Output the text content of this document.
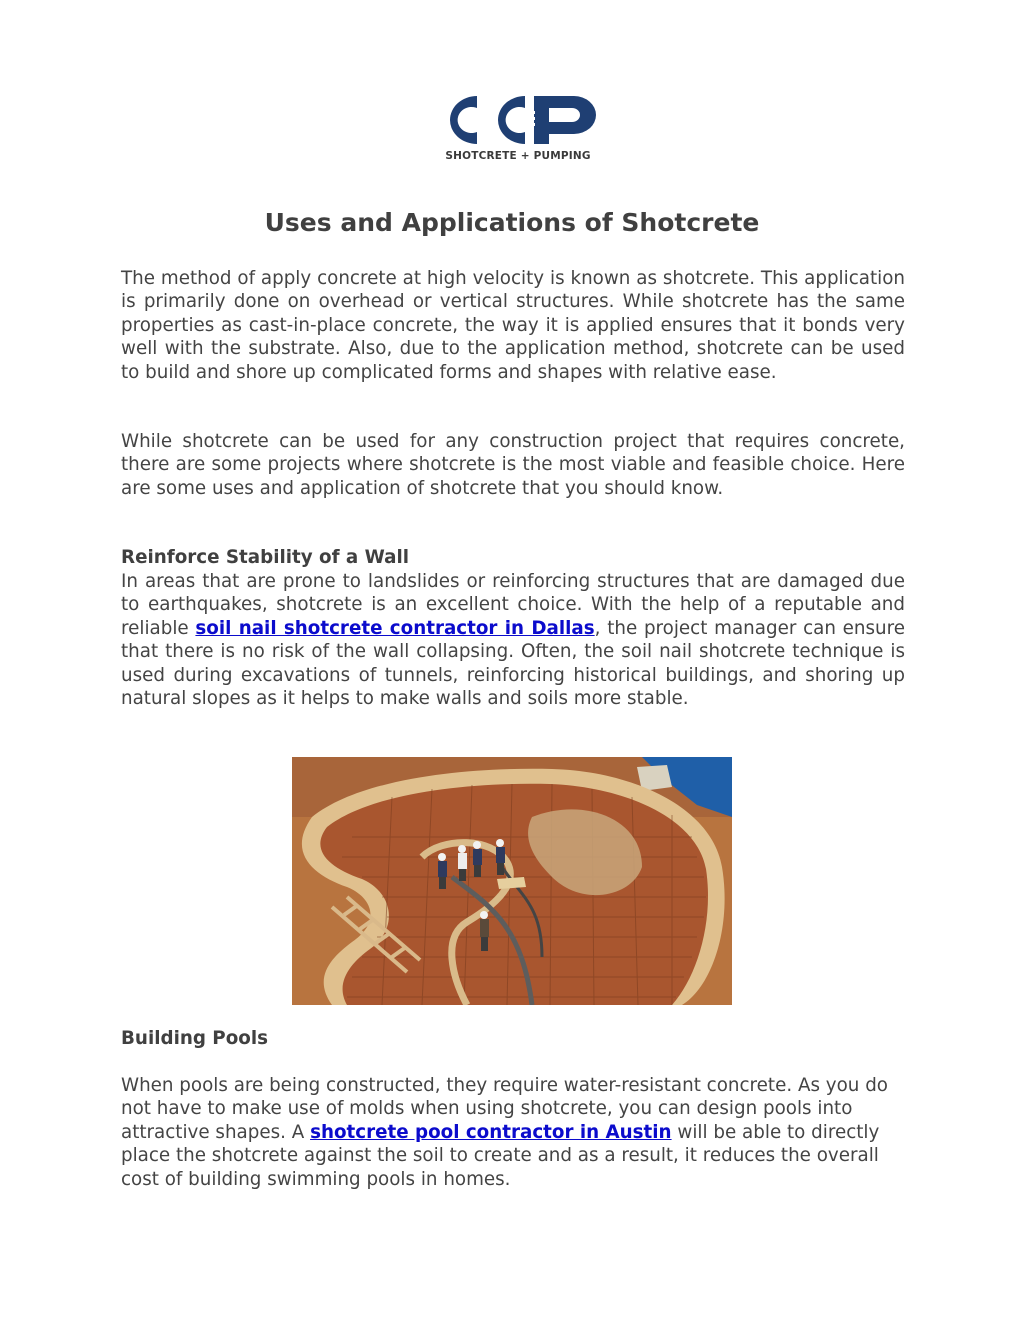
SHOTCRETE + PUMPING
Uses and Applications of Shotcrete

The method of apply concrete at high velocity is known as shotcrete. This application is primarily done on overhead or vertical structures. While shotcrete has the same properties as cast-in-place concrete, the way it is applied ensures that it bonds very well with the substrate. Also, due to the application method, shotcrete can be used to build and shore up complicated forms and shapes with relative ease.

While shotcrete can be used for any construction project that requires concrete, there are some projects where shotcrete is the most viable and feasible choice. Here are some uses and application of shotcrete that you should know.

Reinforce Stability of a Wall

In areas that are prone to landslides or reinforcing structures that are damaged due to earthquakes, shotcrete is an excellent choice. With the help of a reputable and reliable soil nail shotcrete contractor in Dallas, the project manager can ensure that there is no risk of the wall collapsing. Often, the soil nail shotcrete technique is used during excavations of tunnels, reinforcing historical buildings, and shoring up natural slopes as it helps to make walls and soils more stable.

Building Pools

When pools are being constructed, they require water-resistant concrete. As you do not have to make use of molds when using shotcrete, you can design pools into attractive shapes. A shotcrete pool contractor in Austin will be able to directly place the shotcrete against the soil to create and as a result, it reduces the overall cost of building swimming pools in homes.
